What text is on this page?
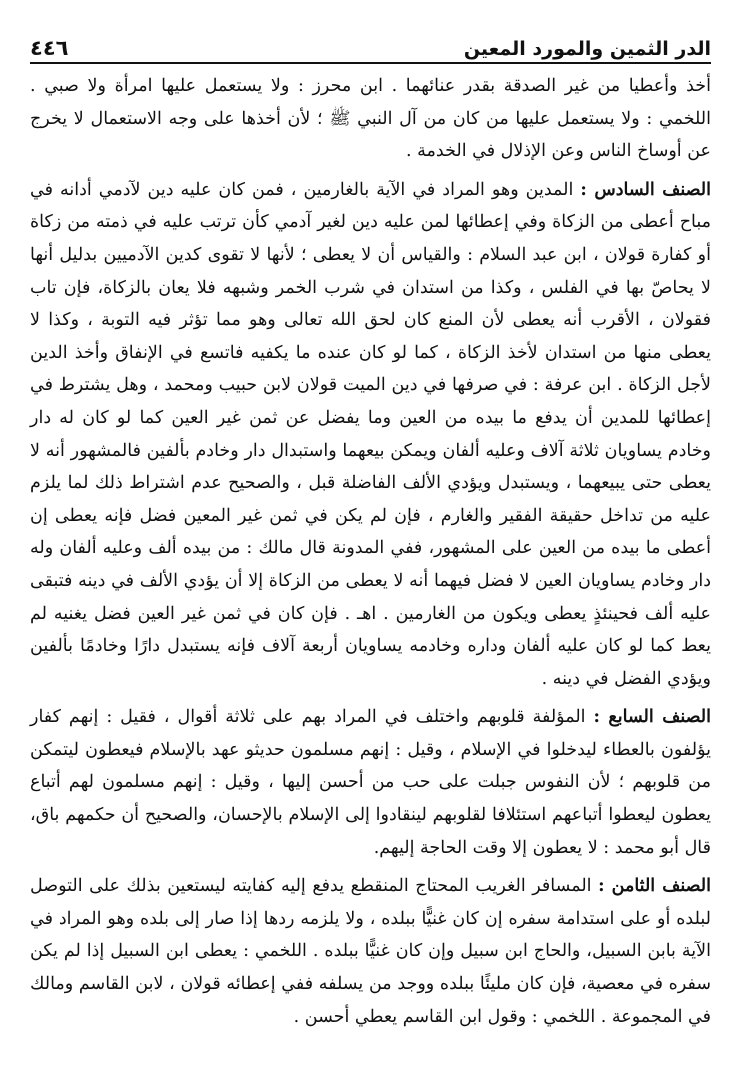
٤٤٦	الدر الثمين والمورد المعين

أخذ وأعطيا من غير الصدقة بقدر عنائهما . ابن محرز : ولا يستعمل عليها امرأة ولا صبي . اللخمي : ولا يستعمل عليها من كان من آل النبي ﷺ ؛ لأن أخذها على وجه الاستعمال لا يخرج عن أوساخ الناس وعن الإذلال في الخدمة .

الصنف السادس : المدين وهو المراد في الآية بالغارمين ، فمن كان عليه دين لآدمي أدانه في مباح أعطى من الزكاة وفي إعطائها لمن عليه دين لغير آدمي كأن ترتب عليه في ذمته من زكاة أو كفارة قولان ، ابن عبد السلام : والقياس أن لا يعطى ؛ لأنها لا تقوى كدين الآدميين بدليل أنها لا يحاصّ بها في الفلس ، وكذا من استدان في شرب الخمر وشبهه فلا يعان بالزكاة، فإن تاب فقولان ، الأقرب أنه يعطى لأن المنع كان لحق الله تعالى وهو مما تؤثر فيه التوبة ، وكذا لا يعطى منها من استدان لأخذ الزكاة ، كما لو كان عنده ما يكفيه فاتسع في الإنفاق وأخذ الدين لأجل الزكاة . ابن عرفة : في صرفها في دين الميت قولان لابن حبيب ومحمد ، وهل يشترط في إعطائها للمدين أن يدفع ما بيده من العين وما يفضل عن ثمن غير العين كما لو كان له دار وخادم يساويان ثلاثة آلاف وعليه ألفان ويمكن بيعهما واستبدال دار وخادم بألفين فالمشهور أنه لا يعطى حتى يبيعهما ، ويستبدل ويؤدي الألف الفاضلة قبل ، والصحيح عدم اشتراط ذلك لما يلزم عليه من تداخل حقيقة الفقير والغارم ، فإن لم يكن في ثمن غير المعين فضل فإنه يعطى إن أعطى ما بيده من العين على المشهور، ففي المدونة قال مالك : من بيده ألف وعليه ألفان وله دار وخادم يساويان العين لا فضل فيهما أنه لا يعطى من الزكاة إلا أن يؤدي الألف في دينه فتبقى عليه ألف فحينئذٍ يعطى ويكون من الغارمين . اهـ . فإن كان في ثمن غير العين فضل يغنيه لم يعط كما لو كان عليه ألفان وداره وخادمه يساويان أربعة آلاف فإنه يستبدل دارًا وخادمًا بألفين ويؤدي الفضل في دينه .

الصنف السابع : المؤلفة قلوبهم واختلف في المراد بهم على ثلاثة أقوال ، فقيل : إنهم كفار يؤلفون بالعطاء ليدخلوا في الإسلام ، وقيل : إنهم مسلمون حديثو عهد بالإسلام فيعطون ليتمكن من قلوبهم ؛ لأن النفوس جبلت على حب من أحسن إليها ، وقيل : إنهم مسلمون لهم أتباع يعطون ليعطوا أتباعهم استئلافا لقلوبهم لينقادوا إلى الإسلام بالإحسان، والصحيح أن حكمهم باق، قال أبو محمد : لا يعطون إلا وقت الحاجة إليهم.

الصنف الثامن : المسافر الغريب المحتاج المنقطع يدفع إليه كفايته ليستعين بذلك على التوصل لبلده أو على استدامة سفره إن كان غنيًّا ببلده ، ولا يلزمه ردها إذا صار إلى بلده وهو المراد في الآية بابن السبيل، والحاج ابن سبيل وإن كان غنيًّا ببلده . اللخمي : يعطى ابن السبيل إذا لم يكن سفره في معصية، فإن كان مليئًا ببلده ووجد من يسلفه ففي إعطائه قولان ، لابن القاسم ومالك في المجموعة . اللخمي : وقول ابن القاسم يعطي أحسن .
